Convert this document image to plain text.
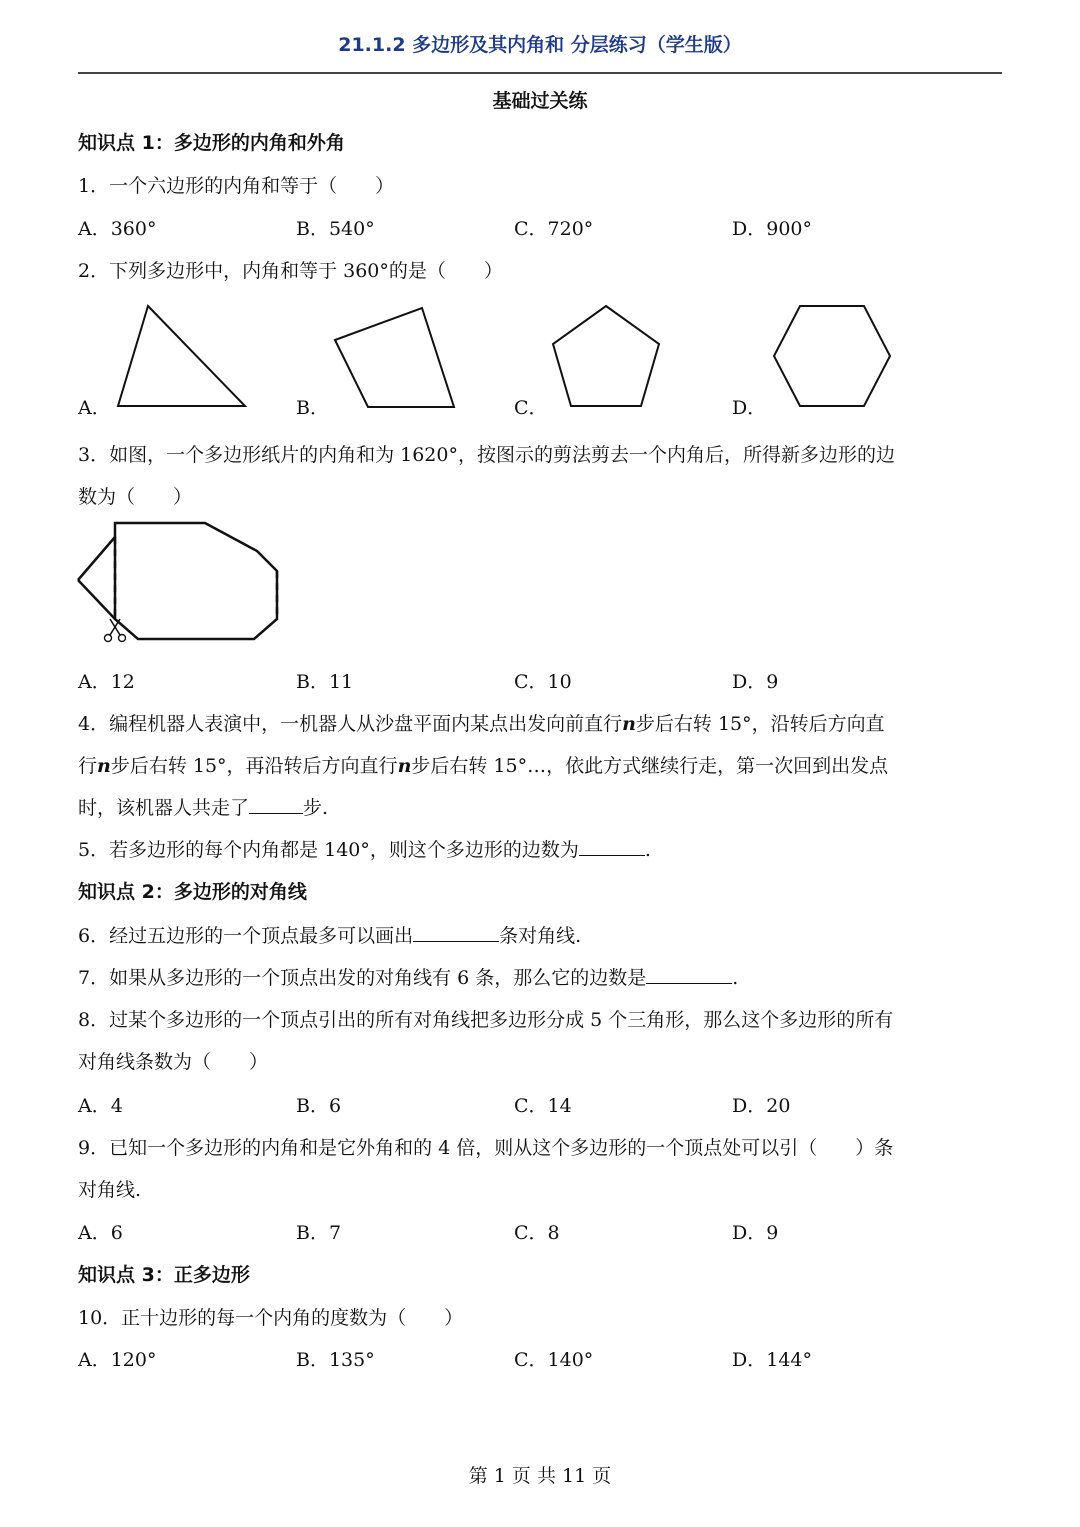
21.1.2 多边形及其内角和 分层练习（学生版）
基础过关练
知识点 1：多边形的内角和外角
1．一个六边形的内角和等于（　　）
A．360°	B．540°	C．720°	D．900°
2．下列多边形中，内角和等于 360°的是（　　）
A．	B．	C．	D．
3．如图，一个多边形纸片的内角和为 1620°，按图示的剪法剪去一个内角后，所得新多边形的边
数为（　　）
A．12	B．11	C．10	D．9
4．编程机器人表演中，一机器人从沙盘平面内某点出发向前直行n步后右转 15°，沿转后方向直
行n步后右转 15°，再沿转后方向直行n步后右转 15°…，依此方式继续行走，第一次回到出发点
时，该机器人共走了	步.
5．若多边形的每个内角都是 140°，则这个多边形的边数为	.
知识点 2：多边形的对角线
6．经过五边形的一个顶点最多可以画出	条对角线.
7．如果从多边形的一个顶点出发的对角线有 6 条，那么它的边数是	.
8．过某个多边形的一个顶点引出的所有对角线把多边形分成 5 个三角形，那么这个多边形的所有
对角线条数为（　　）
A．4	B．6	C．14	D．20
9．已知一个多边形的内角和是它外角和的 4 倍，则从这个多边形的一个顶点处可以引（　　）条
对角线.
A．6	B．7	C．8	D．9
知识点 3：正多边形
10．正十边形的每一个内角的度数为（　　）
A．120°	B．135°	C．140°	D．144°
第 1 页 共 11 页
